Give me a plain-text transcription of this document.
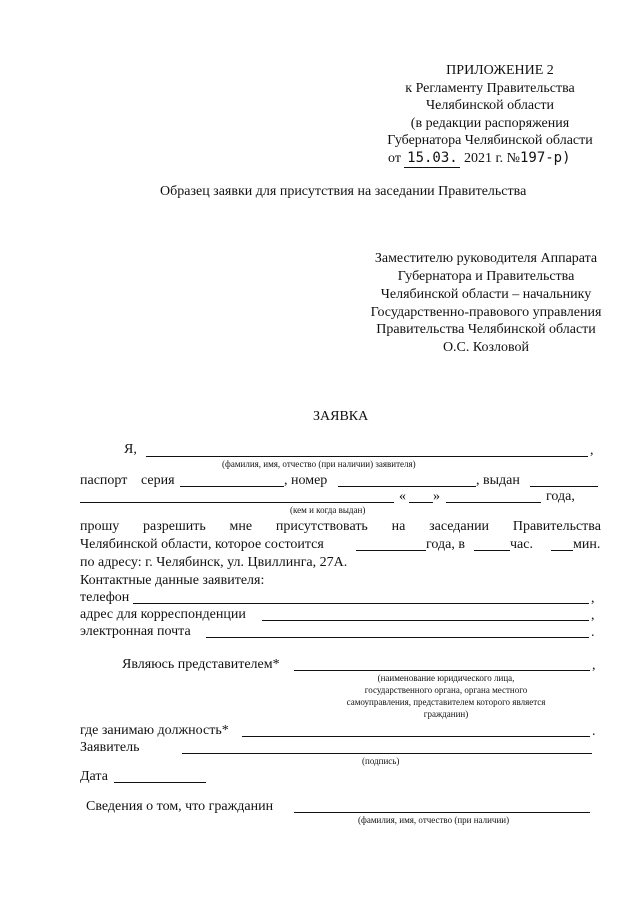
ПРИЛОЖЕНИЕ 2
к Регламенту Правительства
Челябинской области
(в редакции распоряжения
Губернатора Челябинской области
от 15.03. 2021 г. №197-р)
Образец заявки для присутствия на заседании Правительства
Заместителю руководителя Аппарата
Губернатора и Правительства
Челябинской области – начальнику
Государственно-правового управления
Правительства Челябинской области
О.С. Козловой
ЗАЯВКА
Я,	,
(фамилия, имя, отчество (при наличии) заявителя)
паспорт серия	, номер	, выдан
« »	года,
(кем и когда выдан)
прошу разрешить мне присутствовать на заседании Правительства
Челябинской области, которое состоится	года, в	час.	мин.
по адресу: г. Челябинск, ул. Цвиллинга, 27А.
Контактные данные заявителя:
телефон	,
адрес для корреспонденции	,
электронная почта	.
Являюсь представителем*	,
(наименование юридического лица,
государственного органа, органа местного
самоуправления, представителем которого является
гражданин)
где занимаю должность*	.
Заявитель
(подпись)
Дата
Сведения о том, что гражданин
(фамилия, имя, отчество (при наличии)
